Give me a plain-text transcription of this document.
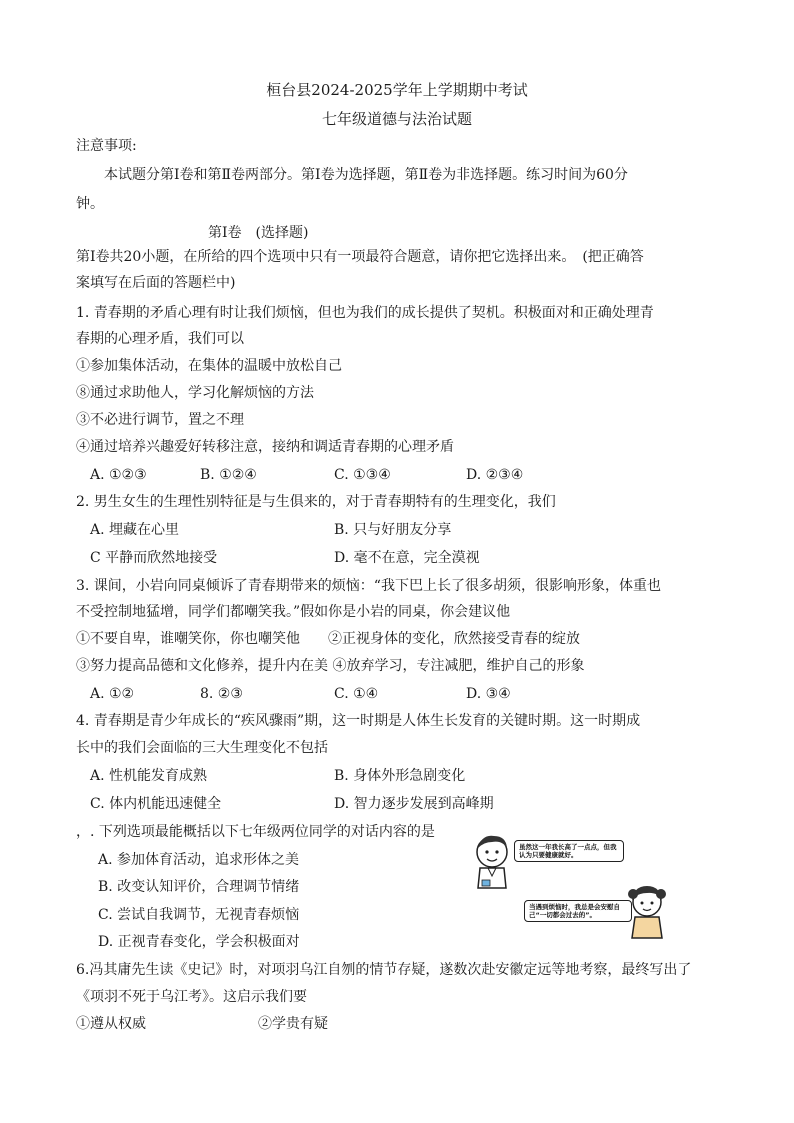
桓台县2024-2025学年上学期期中考试
七年级道德与法治试题
注意事项:
本试题分第Ⅰ卷和第Ⅱ卷两部分。第Ⅰ卷为选择题，第Ⅱ卷为非选择题。练习时间为60分
钟。
第Ⅰ卷　(选择题)
第Ⅰ卷共20小题，在所给的四个选项中只有一项最符合题意，请你把它选择出来。　(把正确答
案填写在后面的答题栏中)
1. 青春期的矛盾心理有时让我们烦恼，但也为我们的成长提供了契机。积极面对和正确处理青
春期的心理矛盾，我们可以
①参加集体活动，在集体的温暖中放松自己
⑧通过求助他人，学习化解烦恼的方法
③不必进行调节，置之不理
④通过培养兴趣爱好转移注意，接纳和调适青春期的心理矛盾
A. ①②③	B. ①②④	C. ①③④	D. ②③④
2. 男生女生的生理性别特征是与生俱来的，对于青春期特有的生理变化，我们
A. 埋藏在心里	B. 只与好朋友分享
C 平静而欣然地接受	D. 毫不在意，完全漠视
3. 课间，小岩向同桌倾诉了青春期带来的烦恼：“我下巴上长了很多胡须，很影响形象，体重也
不受控制地猛增，同学们都嘲笑我。”假如你是小岩的同桌，你会建议他
①不要自卑，谁嘲笑你，你也嘲笑他　　②正视身体的变化，欣然接受青春的绽放
③努力提高品德和文化修养，提升内在美 ④放弃学习，专注减肥，维护自己的形象
A. ①②	8. ②③	C. ①④	D. ③④
4. 青春期是青少年成长的“疾风骤雨”期，这一时期是人体生长发育的关键时期。这一时期成
长中的我们会面临的三大生理变化不包括
A. 性机能发育成熟	B. 身体外形急剧变化
C. 体内机能迅速健全	D. 智力逐步发展到高峰期
，. 下列选项最能概括以下七年级两位同学的对话内容的是
A. 参加体育活动，追求形体之美
B. 改变认知评价，合理调节情绪
C. 尝试自我调节，无视青春烦恼
D. 正视青春变化，学会积极面对
虽然这一年我长高了一点点，但我认为只要健康就好。
当遇到烦恼时，我总是会安慰自己“一切都会过去的”。
6.冯其庸先生读《史记》时，对项羽乌江自刎的情节存疑，遂数次赴安徽定远等地考察，最终写出了
《项羽不死于乌江考》。这启示我们要
①遵从权威	②学贵有疑
